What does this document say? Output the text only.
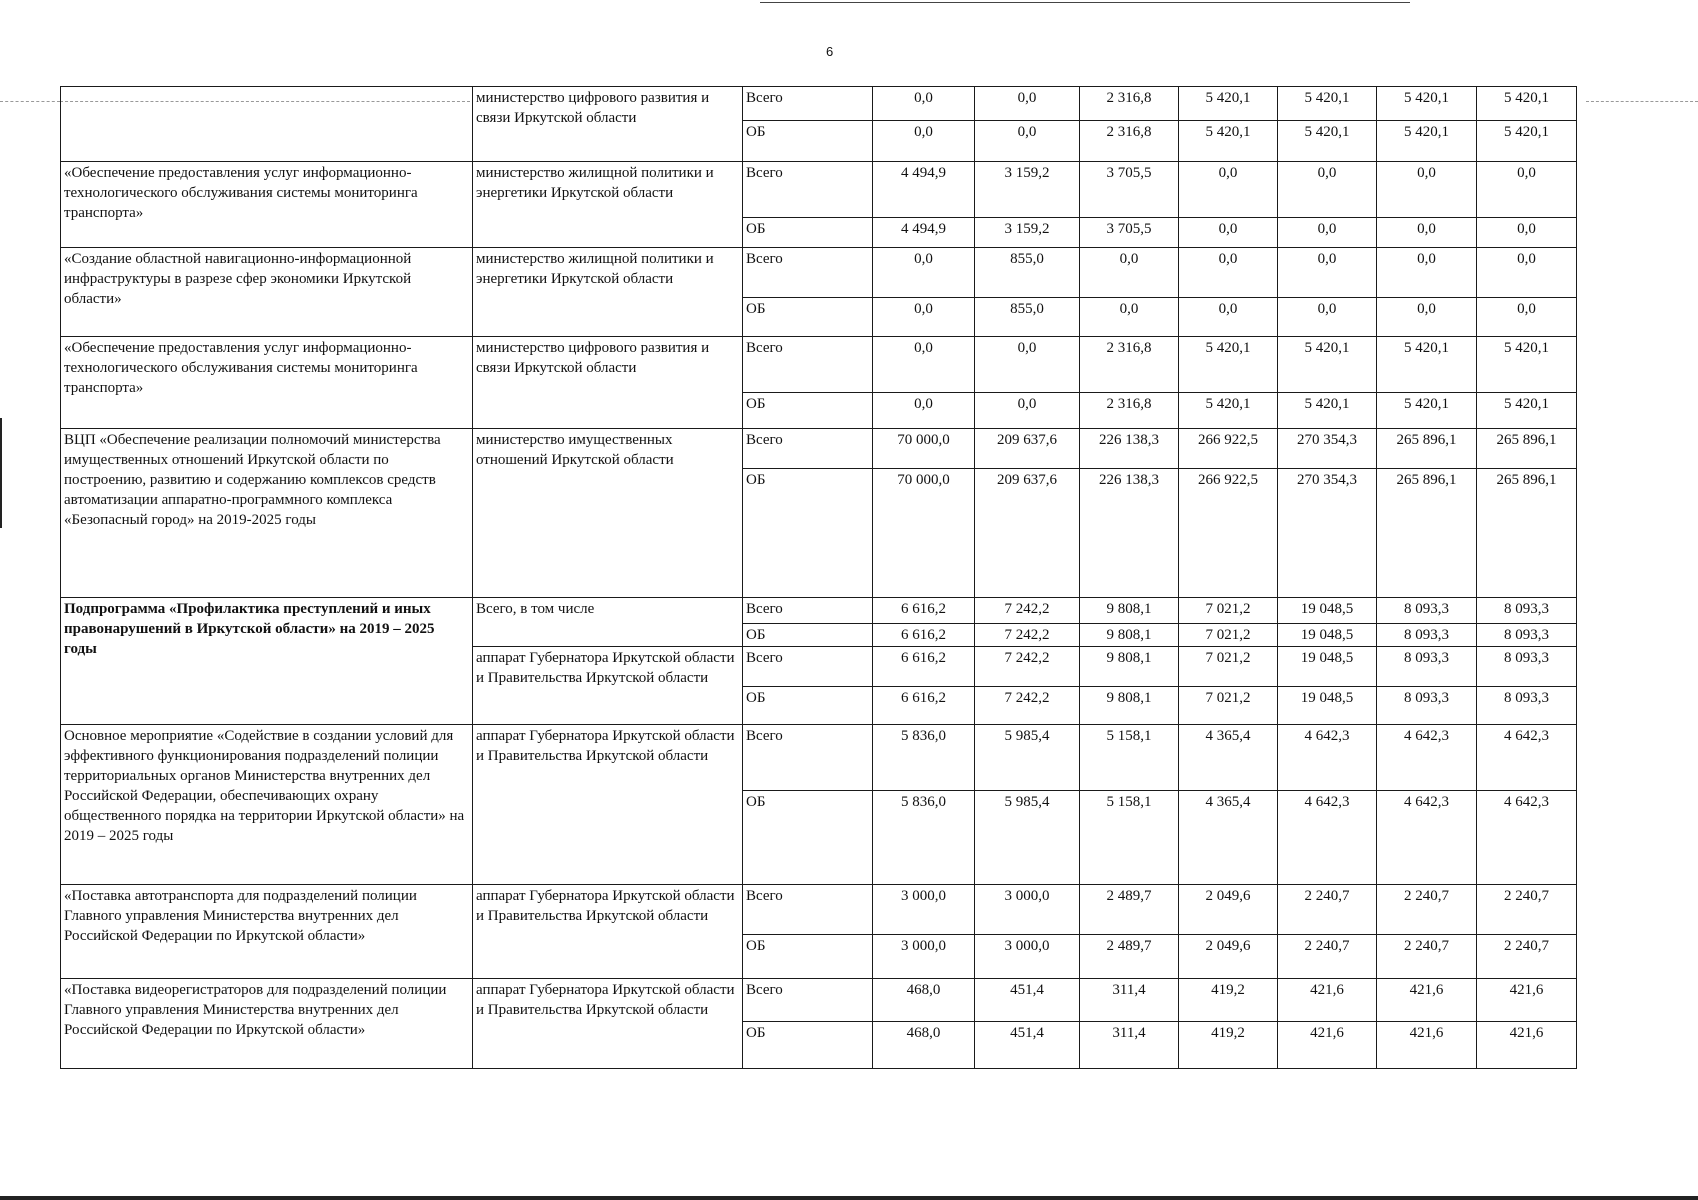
6
	министерство цифрового развития и связи Иркутской области	Всего	0,0	0,0	2 316,8	5 420,1	5 420,1	5 420,1	5 420,1
		ОБ	0,0	0,0	2 316,8	5 420,1	5 420,1	5 420,1	5 420,1
«Обеспечение предоставления услуг информационно-технологического обслуживания системы мониторинга транспорта»	министерство жилищной политики и энергетики Иркутской области	Всего	4 494,9	3 159,2	3 705,5	0,0	0,0	0,0	0,0
		ОБ	4 494,9	3 159,2	3 705,5	0,0	0,0	0,0	0,0
«Создание областной навигационно-информационной инфраструктуры в разрезе сфер экономики Иркутской области»	министерство жилищной политики и энергетики Иркутской области	Всего	0,0	855,0	0,0	0,0	0,0	0,0	0,0
		ОБ	0,0	855,0	0,0	0,0	0,0	0,0	0,0
«Обеспечение предоставления услуг информационно-технологического обслуживания системы мониторинга транспорта»	министерство цифрового развития и связи Иркутской области	Всего	0,0	0,0	2 316,8	5 420,1	5 420,1	5 420,1	5 420,1
		ОБ	0,0	0,0	2 316,8	5 420,1	5 420,1	5 420,1	5 420,1
ВЦП «Обеспечение реализации полномочий министерства имущественных отношений Иркутской области по построению, развитию и содержанию комплексов средств автоматизации аппаратно-программного комплекса «Безопасный город» на 2019-2025 годы	министерство имущественных отношений Иркутской области	Всего	70 000,0	209 637,6	226 138,3	266 922,5	270 354,3	265 896,1	265 896,1
		ОБ	70 000,0	209 637,6	226 138,3	266 922,5	270 354,3	265 896,1	265 896,1
Подпрограмма «Профилактика преступлений и иных правонарушений в Иркутской области» на 2019 – 2025 годы	Всего, в том числе	Всего	6 616,2	7 242,2	9 808,1	7 021,2	19 048,5	8 093,3	8 093,3
		ОБ	6 616,2	7 242,2	9 808,1	7 021,2	19 048,5	8 093,3	8 093,3
	аппарат Губернатора Иркутской области и Правительства Иркутской области	Всего	6 616,2	7 242,2	9 808,1	7 021,2	19 048,5	8 093,3	8 093,3
		ОБ	6 616,2	7 242,2	9 808,1	7 021,2	19 048,5	8 093,3	8 093,3
Основное мероприятие «Содействие в создании условий для эффективного функционирования подразделений полиции территориальных органов Министерства внутренних дел Российской Федерации, обеспечивающих охрану общественного порядка на территории Иркутской области» на 2019 – 2025 годы	аппарат Губернатора Иркутской области и Правительства Иркутской области	Всего	5 836,0	5 985,4	5 158,1	4 365,4	4 642,3	4 642,3	4 642,3
		ОБ	5 836,0	5 985,4	5 158,1	4 365,4	4 642,3	4 642,3	4 642,3
«Поставка автотранспорта для подразделений полиции Главного управления Министерства внутренних дел Российской Федерации по Иркутской области»	аппарат Губернатора Иркутской области и Правительства Иркутской области	Всего	3 000,0	3 000,0	2 489,7	2 049,6	2 240,7	2 240,7	2 240,7
		ОБ	3 000,0	3 000,0	2 489,7	2 049,6	2 240,7	2 240,7	2 240,7
«Поставка видеорегистраторов для подразделений полиции Главного управления Министерства внутренних дел Российской Федерации по Иркутской области»	аппарат Губернатора Иркутской области и Правительства Иркутской области	Всего	468,0	451,4	311,4	419,2	421,6	421,6	421,6
		ОБ	468,0	451,4	311,4	419,2	421,6	421,6	421,6
